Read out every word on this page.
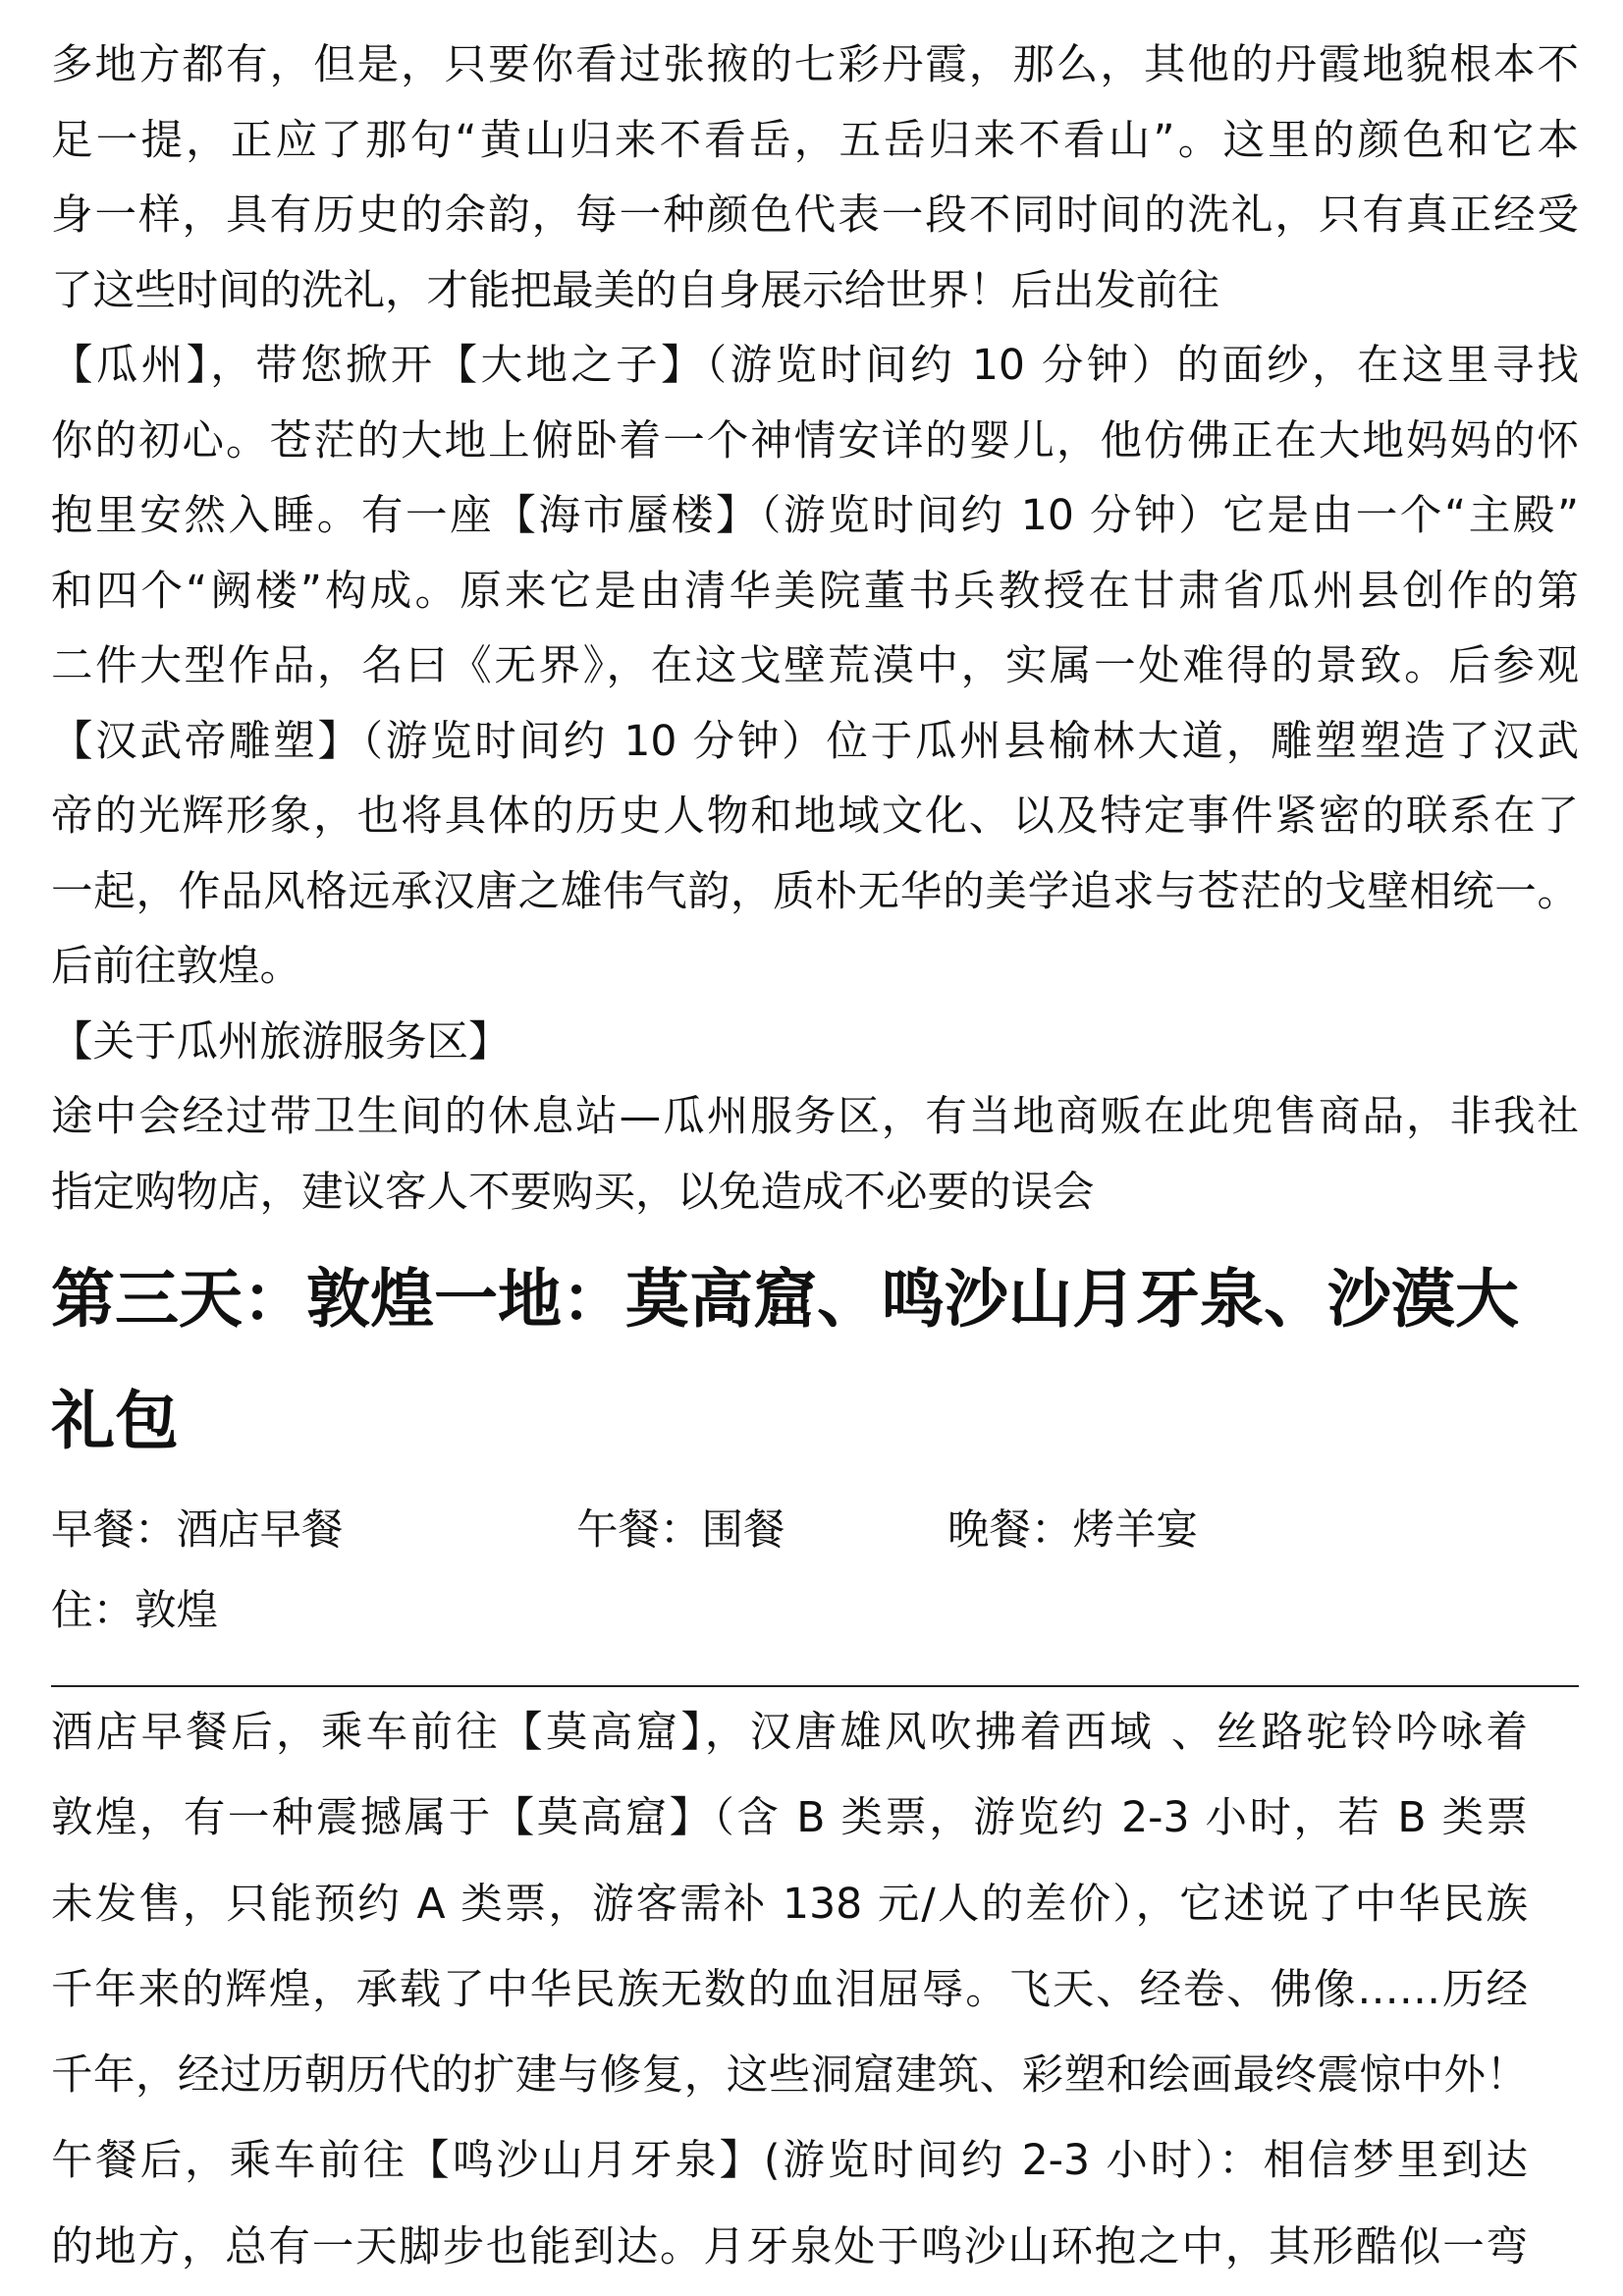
多地方都有，但是，只要你看过张掖的七彩丹霞，那么，其他的丹霞地貌根本不
足一提，正应了那句“黄山归来不看岳，五岳归来不看山”。这里的颜色和它本
身一样，具有历史的余韵，每一种颜色代表一段不同时间的洗礼，只有真正经受
了这些时间的洗礼，才能把最美的自身展示给世界！后出发前往
【瓜州】，带您掀开【大地之子】（游览时间约 10 分钟）的面纱，在这里寻找
你的初心。苍茫的大地上俯卧着一个神情安详的婴儿，他仿佛正在大地妈妈的怀
抱里安然入睡。有一座【海市蜃楼】（游览时间约 10 分钟）它是由一个“主殿”
和四个“阙楼”构成。原来它是由清华美院董书兵教授在甘肃省瓜州县创作的第
二件大型作品，名曰《无界》，在这戈壁荒漠中，实属一处难得的景致。后参观
【汉武帝雕塑】（游览时间约 10 分钟）位于瓜州县榆林大道，雕塑塑造了汉武
帝的光辉形象，也将具体的历史人物和地域文化、以及特定事件紧密的联系在了
一起，作品风格远承汉唐之雄伟气韵，质朴无华的美学追求与苍茫的戈壁相统一。
后前往敦煌。
【关于瓜州旅游服务区】
途中会经过带卫生间的休息站—瓜州服务区，有当地商贩在此兜售商品，非我社
指定购物店，建议客人不要购买，以免造成不必要的误会
第三天：敦煌一地：莫高窟、鸣沙山月牙泉、沙漠大
礼包
早餐：酒店早餐	午餐：围餐	晚餐：烤羊宴
住：敦煌
酒店早餐后，乘车前往【莫高窟】，汉唐雄风吹拂着西域 、丝路驼铃吟咏着
敦煌，有一种震撼属于【莫高窟】（含 B 类票，游览约 2-3 小时，若 B 类票
未发售，只能预约 A 类票，游客需补 138 元/人的差价），它述说了中华民族
千年来的辉煌，承载了中华民族无数的血泪屈辱。飞天、经卷、佛像……历经
千年，经过历朝历代的扩建与修复，这些洞窟建筑、彩塑和绘画最终震惊中外！
午餐后，乘车前往【鸣沙山月牙泉】(游览时间约 2-3 小时）：相信梦里到达
的地方，总有一天脚步也能到达。月牙泉处于鸣沙山环抱之中，其形酷似一弯
